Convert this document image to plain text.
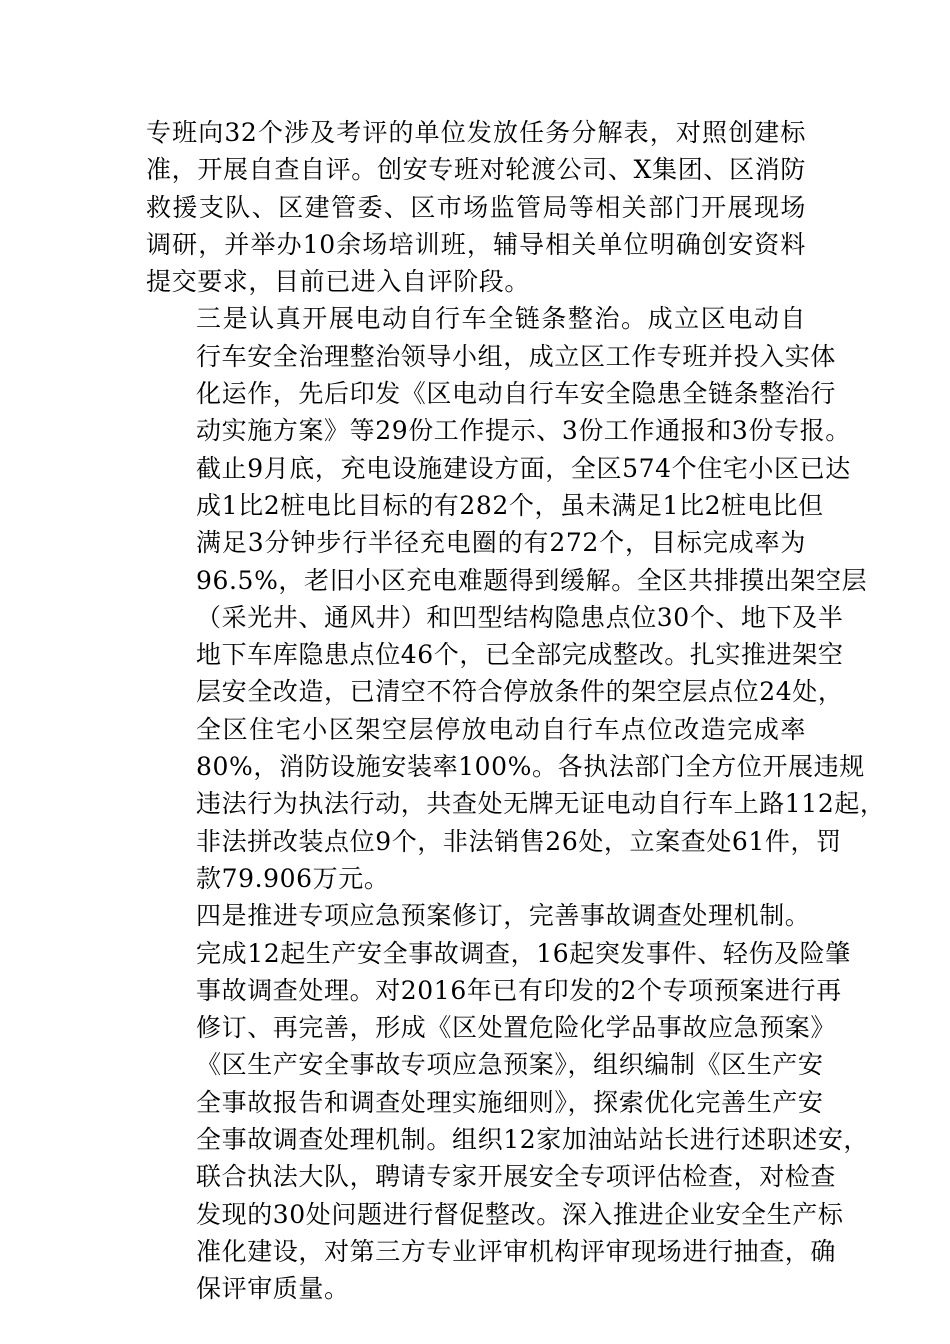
专班向32个涉及考评的单位发放任务分解表，对照创建标
准，开展自查自评。创安专班对轮渡公司、X集团、区消防
救援支队、区建管委、区市场监管局等相关部门开展现场
调研，并举办10余场培训班，辅导相关单位明确创安资料
提交要求，目前已进入自评阶段。

三是认真开展电动自行车全链条整治。成立区电动自
行车安全治理整治领导小组，成立区工作专班并投入实体
化运作，先后印发《区电动自行车安全隐患全链条整治行
动实施方案》等29份工作提示、3份工作通报和3份专报。
截止9月底，充电设施建设方面，全区574个住宅小区已达
成1比2桩电比目标的有282个，虽未满足1比2桩电比但
满足3分钟步行半径充电圈的有272个，目标完成率为
96.5%，老旧小区充电难题得到缓解。全区共排摸出架空层
（采光井、通风井）和凹型结构隐患点位30个、地下及半
地下车库隐患点位46个，已全部完成整改。扎实推进架空
层安全改造，已清空不符合停放条件的架空层点位24处，
全区住宅小区架空层停放电动自行车点位改造完成率
80%，消防设施安装率100%。各执法部门全方位开展违规
违法行为执法行动，共查处无牌无证电动自行车上路112起，
非法拼改装点位9个，非法销售26处，立案查处61件，罚
款79.906万元。

四是推进专项应急预案修订，完善事故调查处理机制。
完成12起生产安全事故调查，16起突发事件、轻伤及险肇
事故调查处理。对2016年已有印发的2个专项预案进行再
修订、再完善，形成《区处置危险化学品事故应急预案》
《区生产安全事故专项应急预案》，组织编制《区生产安
全事故报告和调查处理实施细则》，探索优化完善生产安
全事故调查处理机制。组织12家加油站站长进行述职述安，
联合执法大队，聘请专家开展安全专项评估检查，对检查
发现的30处问题进行督促整改。深入推进企业安全生产标
准化建设，对第三方专业评审机构评审现场进行抽查，确
保评审质量。
